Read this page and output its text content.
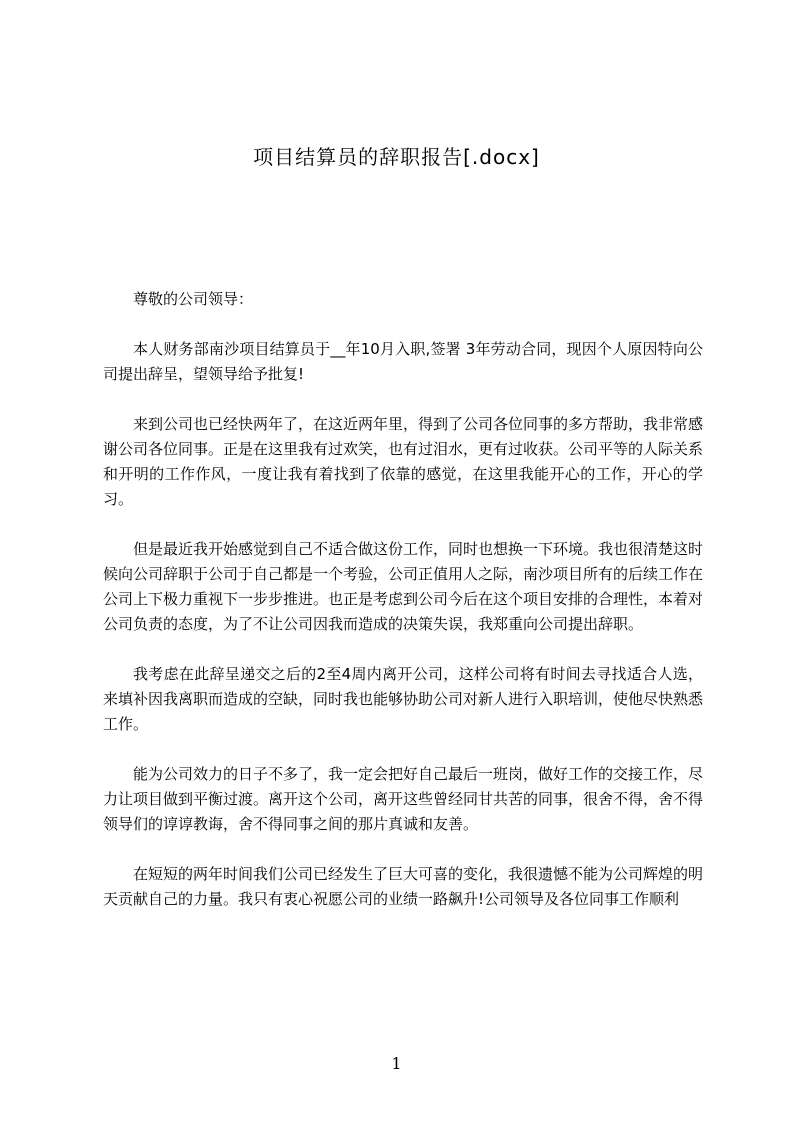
项目结算员的辞职报告[.docx]

尊敬的公司领导：

本人财务部南沙项目结算员于__年10月入职,签署 3年劳动合同，现因个人原因特向公司提出辞呈，望领导给予批复!

来到公司也已经快两年了，在这近两年里，得到了公司各位同事的多方帮助，我非常感谢公司各位同事。正是在这里我有过欢笑，也有过泪水，更有过收获。公司平等的人际关系和开明的工作作风，一度让我有着找到了依靠的感觉，在这里我能开心的工作，开心的学习。

但是最近我开始感觉到自己不适合做这份工作，同时也想换一下环境。我也很清楚这时候向公司辞职于公司于自己都是一个考验，公司正值用人之际，南沙项目所有的后续工作在公司上下极力重视下一步步推进。也正是考虑到公司今后在这个项目安排的合理性，本着对公司负责的态度，为了不让公司因我而造成的决策失误，我郑重向公司提出辞职。

我考虑在此辞呈递交之后的2至4周内离开公司，这样公司将有时间去寻找适合人选，来填补因我离职而造成的空缺，同时我也能够协助公司对新人进行入职培训，使他尽快熟悉工作。

能为公司效力的日子不多了，我一定会把好自己最后一班岗，做好工作的交接工作，尽力让项目做到平衡过渡。离开这个公司，离开这些曾经同甘共苦的同事，很舍不得，舍不得领导们的谆谆教诲，舍不得同事之间的那片真诚和友善。

在短短的两年时间我们公司已经发生了巨大可喜的变化，我很遗憾不能为公司辉煌的明天贡献自己的力量。我只有衷心祝愿公司的业绩一路飙升!公司领导及各位同事工作顺利

1
